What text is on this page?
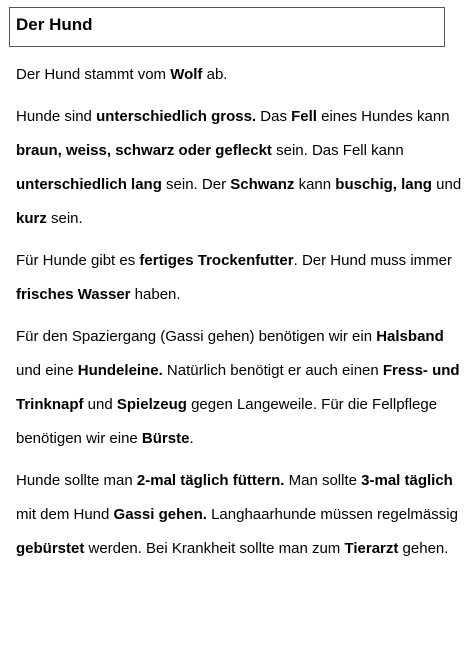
Der Hund

Der Hund stammt vom Wolf ab.

Hunde sind unterschiedlich gross. Das Fell eines Hundes kann braun, weiss, schwarz oder gefleckt sein. Das Fell kann unterschiedlich lang sein. Der Schwanz kann buschig, lang und kurz sein.

Für Hunde gibt es fertiges Trockenfutter. Der Hund muss immer frisches Wasser haben.

Für den Spaziergang (Gassi gehen) benötigen wir ein Halsband und eine Hundeleine. Natürlich benötigt er auch einen Fress- und Trinknapf und Spielzeug gegen Langeweile. Für die Fellpflege benötigen wir eine Bürste.

Hunde sollte man 2-mal täglich füttern. Man sollte 3-mal täglich mit dem Hund Gassi gehen. Langhaarhunde müssen regelmässig gebürstet werden. Bei Krankheit sollte man zum Tierarzt gehen.
